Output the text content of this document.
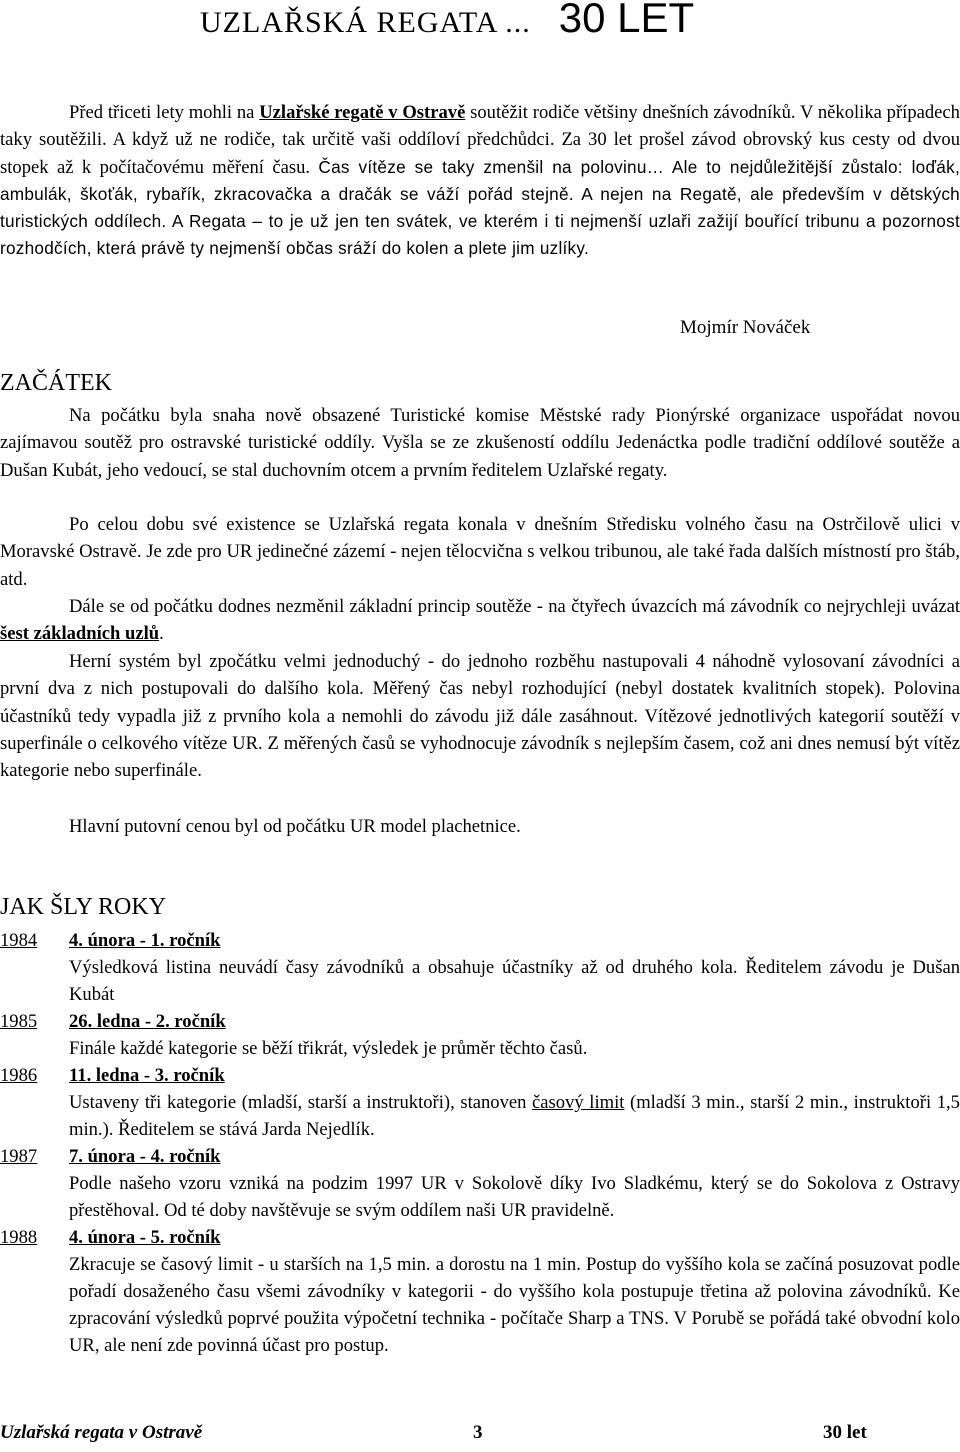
UZLAŘSKÁ REGATA ... 30 LET
Před třiceti lety mohli na Uzlařské regatě v Ostravě soutěžit rodiče většiny dnešních závodníků. V několika případech taky soutěžili. A když už ne rodiče, tak určitě vaši oddíloví předchůdci. Za 30 let prošel závod obrovský kus cesty od dvou stopek až k počítačovému měření času. Čas vítěze se taky zmenšil na polovinu… Ale to nejdůležitější zůstalo: loďák, ambulák, škoťák, rybařík, zkracovačka a dračák se váží pořád stejně. A nejen na Regatě, ale především v dětských turistických oddílech. A Regata – to je už jen ten svátek, ve kterém i ti nejmenší uzlaři zažijí bouřící tribunu a pozornost rozhodčích, která právě ty nejmenší občas sráží do kolen a plete jim uzlíky.
Mojmír Nováček
ZAČÁTEK
Na počátku byla snaha nově obsazené Turistické komise Městské rady Pionýrské organizace uspořádat novou zajímavou soutěž pro ostravské turistické oddíly. Vyšla se ze zkušeností oddílu Jedenáctka podle tradiční oddílové soutěže a Dušan Kubát, jeho vedoucí, se stal duchovním otcem a prvním ředitelem Uzlařské regaty.
Po celou dobu své existence se Uzlařská regata konala v dnešním Středisku volného času na Ostrčilově ulici v Moravské Ostravě. Je zde pro UR jedinečné zázemí - nejen tělocvična s velkou tribunou, ale také řada dalších místností pro štáb, atd.
Dále se od počátku dodnes nezměnil základní princip soutěže - na čtyřech úvazcích má závodník co nejrychleji uvázat šest základních uzlů.
Herní systém byl zpočátku velmi jednoduchý - do jednoho rozběhu nastupovali 4 náhodně vylosovaní závodníci a první dva z nich postupovali do dalšího kola. Měřený čas nebyl rozhodující (nebyl dostatek kvalitních stopek). Polovina účastníků tedy vypadla již z prvního kola a nemohli do závodu již dále zasáhnout. Vítězové jednotlivých kategorií soutěží v superfinále o celkového vítěze UR. Z měřených časů se vyhodnocuje závodník s nejlepším časem, což ani dnes nemusí být vítěz kategorie nebo superfinále.
Hlavní putovní cenou byl od počátku UR model plachetnice.
JAK ŠLY ROKY
1984 4. února - 1. ročník
Výsledková listina neuvádí časy závodníků a obsahuje účastníky až od druhého kola. Ředitelem závodu je Dušan Kubát
1985 26. ledna - 2. ročník
Finále každé kategorie se běží třikrát, výsledek je průměr těchto časů.
1986 11. ledna - 3. ročník
Ustaveny tři kategorie (mladší, starší a instruktoři), stanoven časový limit (mladší 3 min., starší 2 min., instruktoři 1,5 min.). Ředitelem se stává Jarda Nejedlík.
1987 7. února - 4. ročník
Podle našeho vzoru vzniká na podzim 1997 UR v Sokolově díky Ivo Sladkému, který se do Sokolova z Ostravy přestěhoval. Od té doby navštěvuje se svým oddílem naši UR pravidelně.
1988 4. února - 5. ročník
Zkracuje se časový limit - u starších na 1,5 min. a dorostu na 1 min. Postup do vyššího kola se začíná posuzovat podle pořadí dosaženého času všemi závodníky v kategorii - do vyššího kola postupuje třetina až polovina závodníků. Ke zpracování výsledků poprvé použita výpočetní technika - počítače Sharp a TNS. V Porubě se pořádá také obvodní kolo UR, ale není zde povinná účast pro postup.
Uzlařská regata v Ostravě	3	30 let
